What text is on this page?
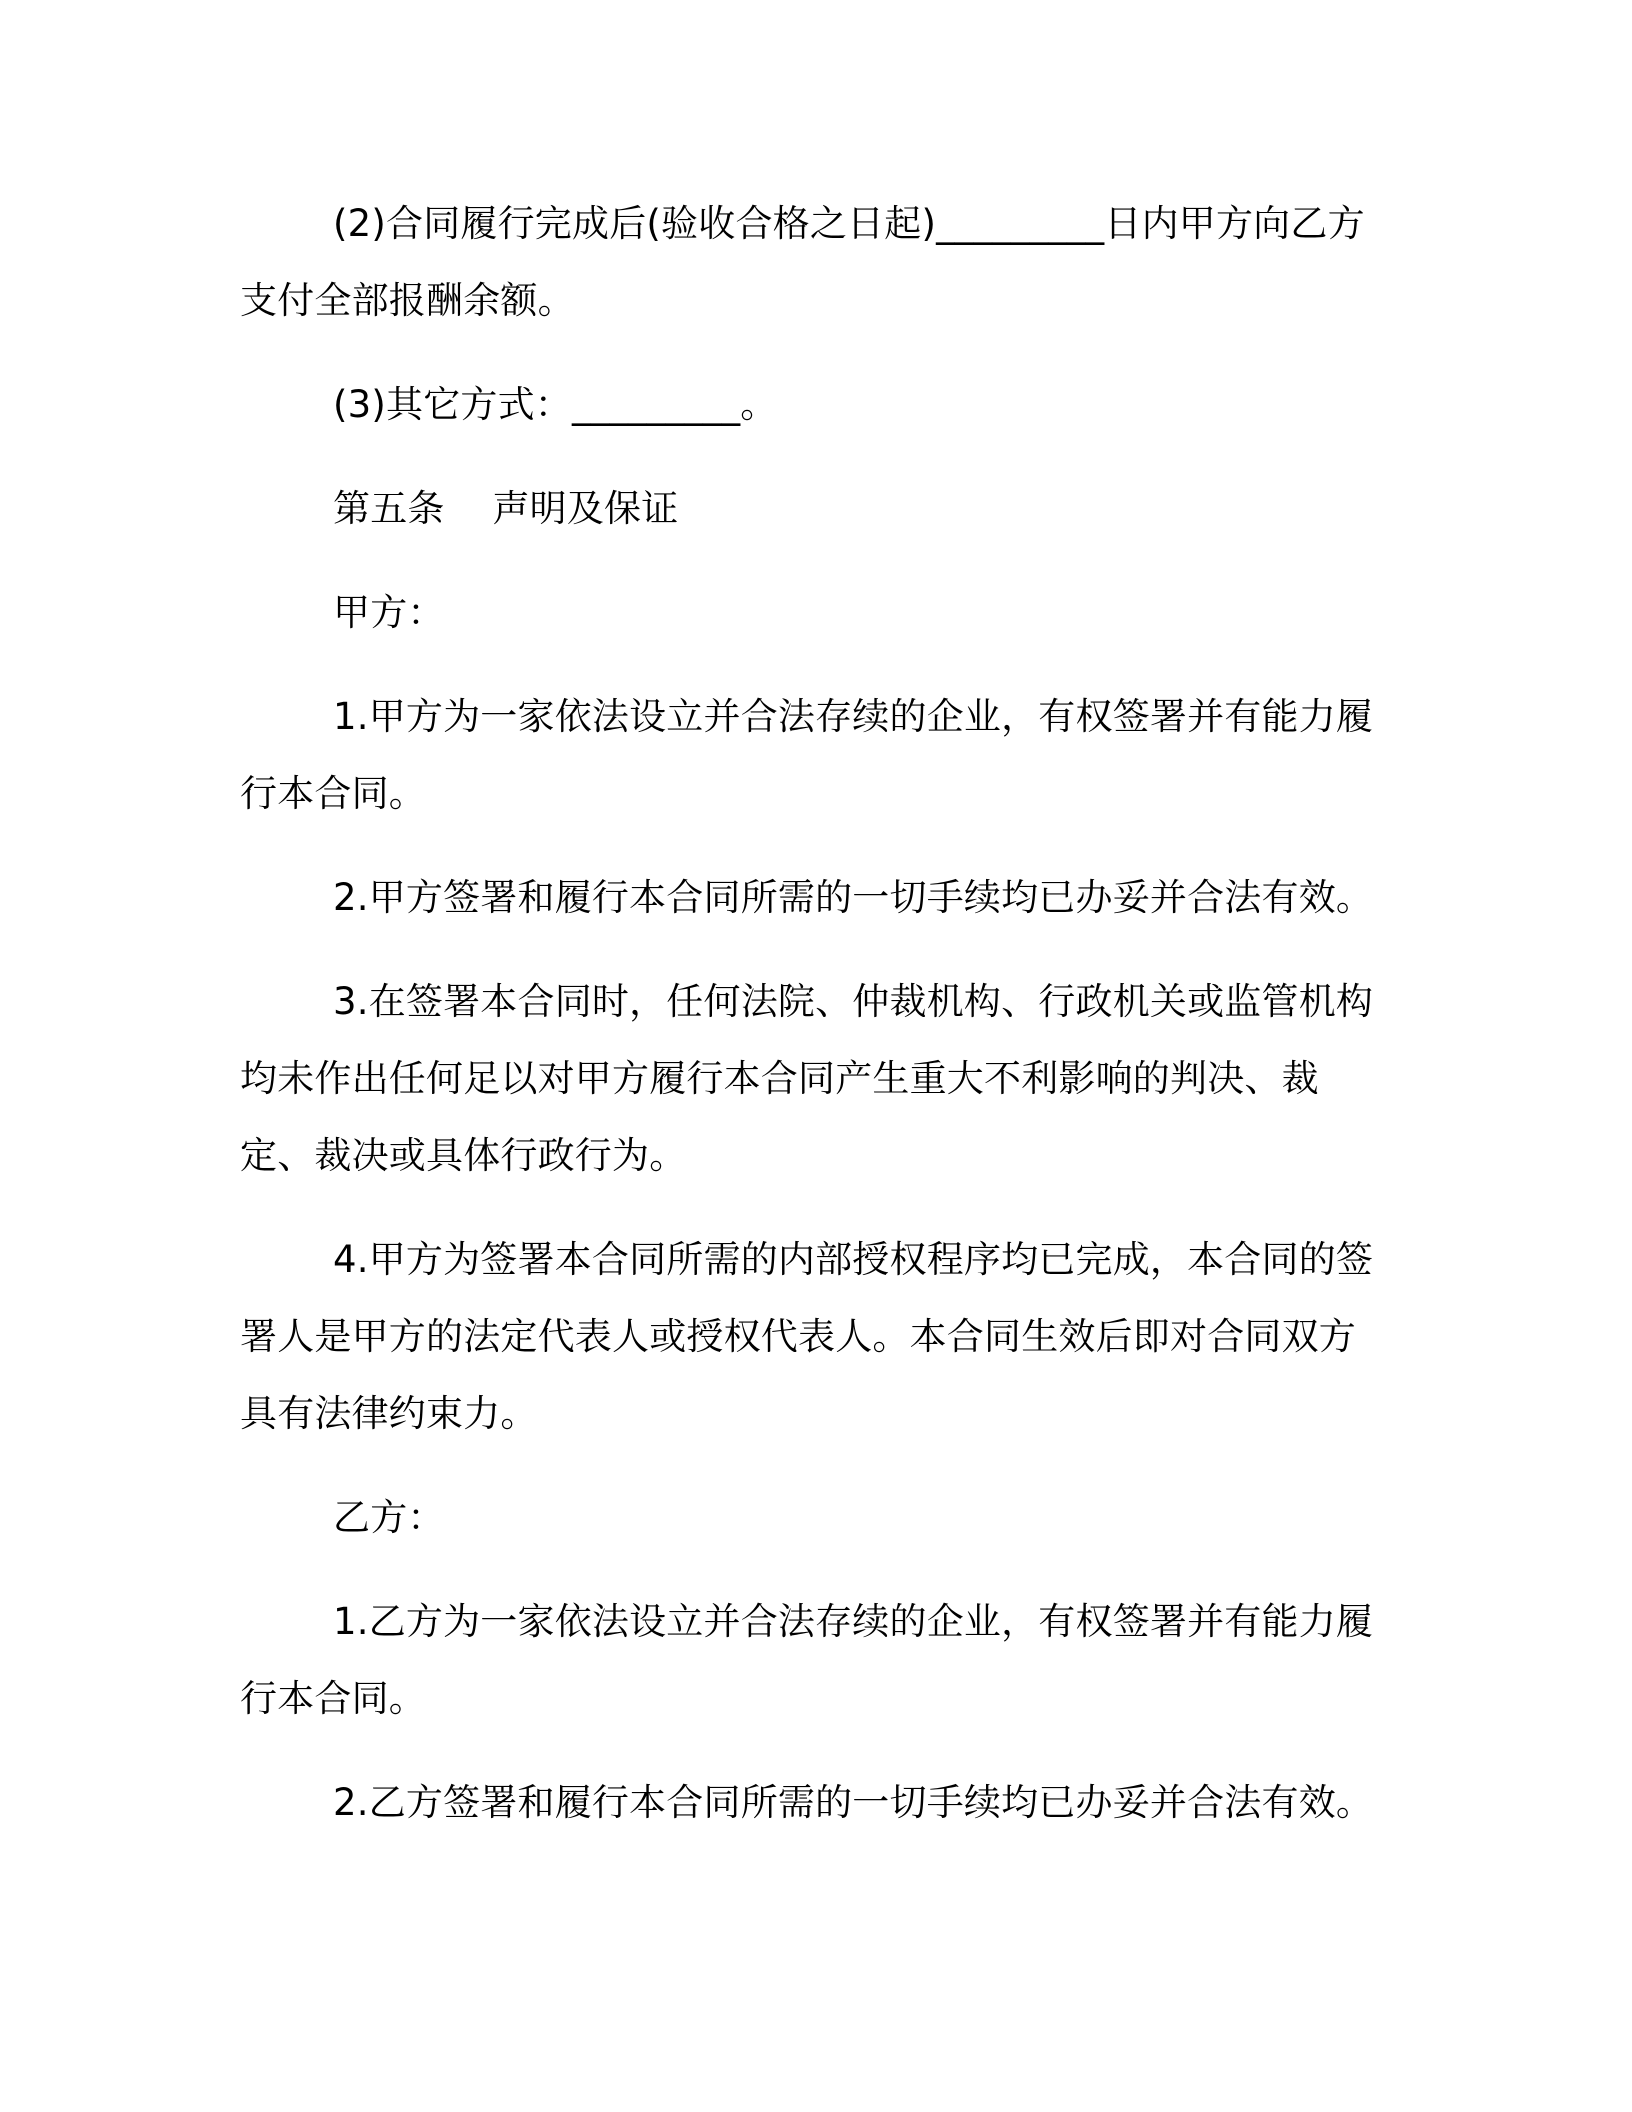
(2)合同履行完成后(验收合格之日起)_________日内甲方向乙方支付全部报酬余额。

(3)其它方式：_________。

第五条    声明及保证

甲方：

1.甲方为一家依法设立并合法存续的企业，有权签署并有能力履行本合同。

2.甲方签署和履行本合同所需的一切手续均已办妥并合法有效。

3.在签署本合同时，任何法院、仲裁机构、行政机关或监管机构均未作出任何足以对甲方履行本合同产生重大不利影响的判决、裁定、裁决或具体行政行为。

4.甲方为签署本合同所需的内部授权程序均已完成，本合同的签署人是甲方的法定代表人或授权代表人。本合同生效后即对合同双方具有法律约束力。

乙方：

1.乙方为一家依法设立并合法存续的企业，有权签署并有能力履行本合同。

2.乙方签署和履行本合同所需的一切手续均已办妥并合法有效。
